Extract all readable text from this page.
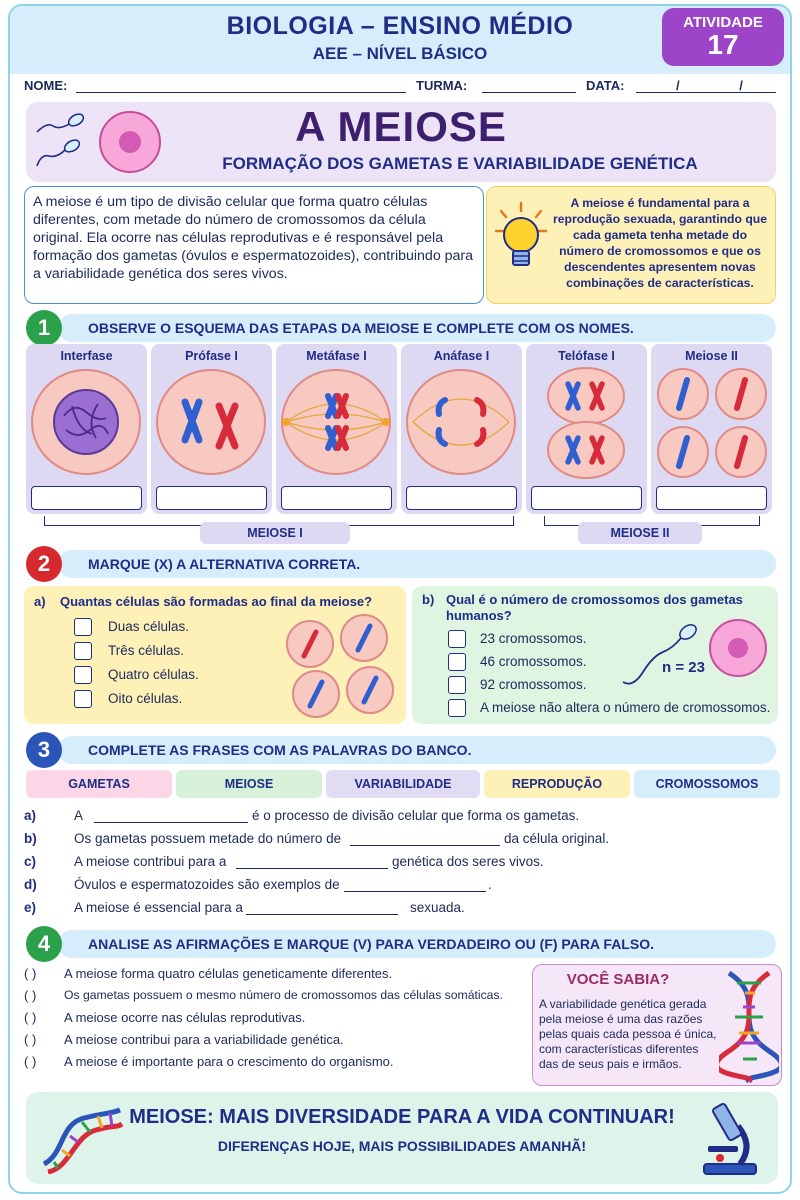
BIOLOGIA – ENSINO MÉDIO
AEE – NÍVEL BÁSICO
ATIVIDADE
17
NOME:	TURMA:	DATA:	/ /
A MEIOSE
FORMAÇÃO DOS GAMETAS E VARIABILIDADE GENÉTICA
A meiose é um tipo de divisão celular que forma quatro células diferentes, com metade do número de cromossomos da célula original. Ela ocorre nas células reprodutivas e é responsável pela formação dos gametas (óvulos e espermatozoides), contribuindo para a variabilidade genética dos seres vivos.
A meiose é fundamental para a reprodução sexuada, garantindo que cada gameta tenha metade do número de cromossomos e que os descendentes apresentem novas combinações de características.
OBSERVE O ESQUEMA DAS ETAPAS DA MEIOSE E COMPLETE COM OS NOMES.
1
Interfase	Prófase I	Metáfase I	Anáfase I	Telófase I	Meiose II
MEIOSE I	MEIOSE II
MARQUE (X) A ALTERNATIVA CORRETA.
2
a) Quantas células são formadas ao final da meiose?
Duas células.
Três células.
Quatro células.
Oito células.
b) Qual é o número de cromossomos dos gametas
humanos?
23 cromossomos.
46 cromossomos.
92 cromossomos.
A meiose não altera o número de cromossomos.
n = 23
COMPLETE AS FRASES COM AS PALAVRAS DO BANCO.
3
GAMETAS	MEIOSE	VARIABILIDADE	REPRODUÇÃO	CROMOSSOMOS
a)	A	é o processo de divisão celular que forma os gametas.
b)	Os gametas possuem metade do número de	da célula original.
c)	A meiose contribui para a	genética dos seres vivos.
d)	Óvulos e espermatozoides são exemplos de	.
e)	A meiose é essencial para a	sexuada.
ANALISE AS AFIRMAÇÕES E MARQUE (V) PARA VERDADEIRO OU (F) PARA FALSO.
4
( ) A meiose forma quatro células geneticamente diferentes.
( ) Os gametas possuem o mesmo número de cromossomos das células somáticas.
( ) A meiose ocorre nas células reprodutivas.
( ) A meiose contribui para a variabilidade genética.
( ) A meiose é importante para o crescimento do organismo.
VOCÊ SABIA?
A variabilidade genética gerada pela meiose é uma das razões pelas quais cada pessoa é única, com características diferentes das de seus pais e irmãos.
MEIOSE: MAIS DIVERSIDADE PARA A VIDA CONTINUAR!
DIFERENÇAS HOJE, MAIS POSSIBILIDADES AMANHÃ!
